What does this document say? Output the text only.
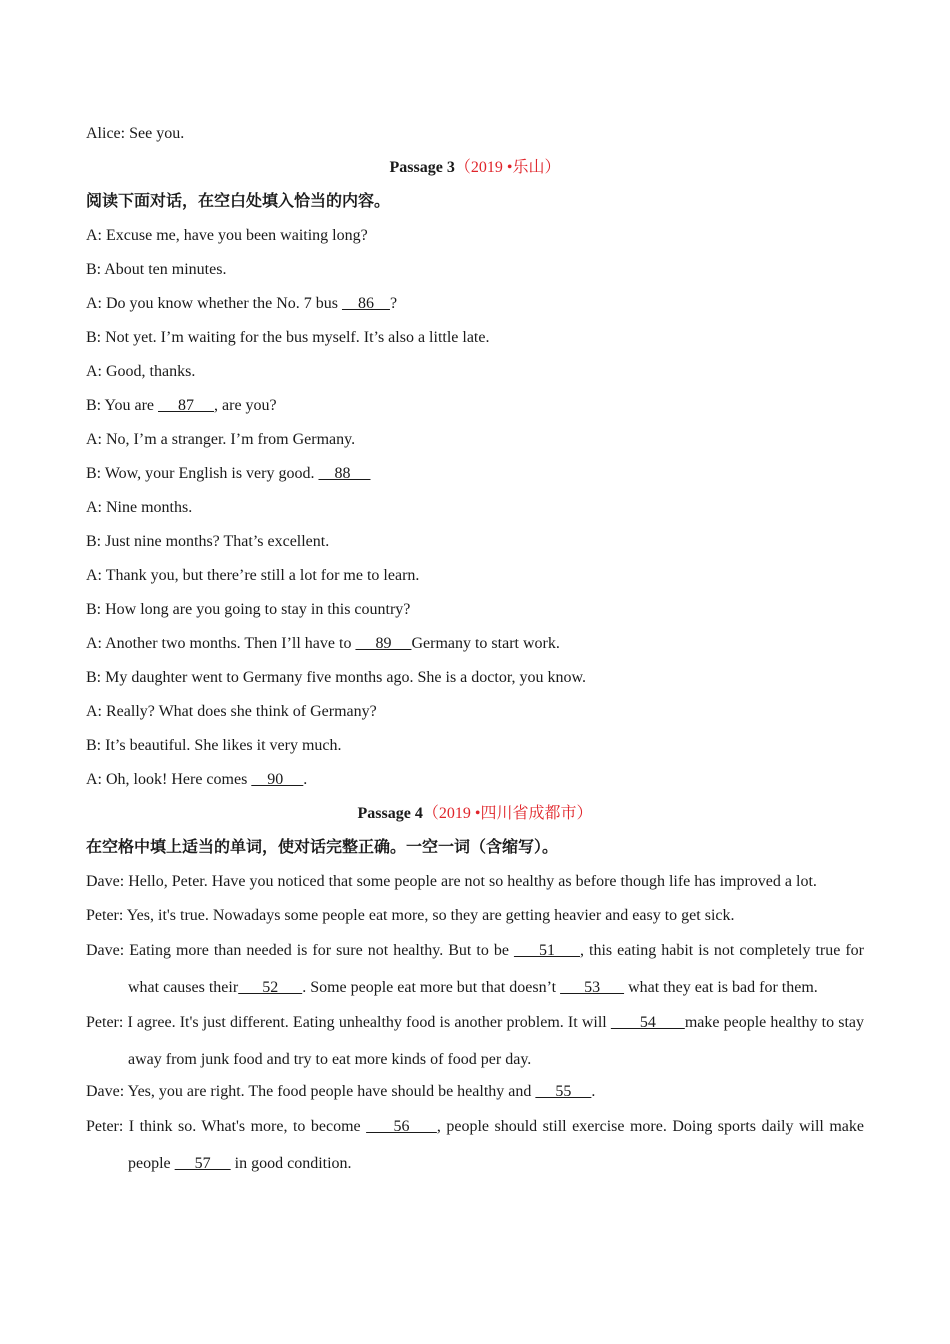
Alice: See you.
Passage 3（2019 •乐山）
阅读下面对话，在空白处填入恰当的内容。
A: Excuse me, have you been waiting long?
B: About ten minutes.
A: Do you know whether the No. 7 bus     86    ?
B: Not yet. I’m waiting for the bus myself. It’s also a little late.
A: Good, thanks.
B: You are      87     , are you?
A: No, I’m a stranger. I’m from Germany.
B: Wow, your English is very good.     88
A: Nine months.
B: Just nine months? That’s excellent.
A: Thank you, but there’re still a lot for me to learn.
B: How long are you going to stay in this country?
A: Another two months. Then I’ll have to      89     Germany to start work.
B: My daughter went to Germany five months ago. She is a doctor, you know.
A: Really? What does she think of Germany?
B: It’s beautiful. She likes it very much.
A: Oh, look! Here comes     90     .
Passage 4（2019 •四川省成都市）
在空格中填上适当的单词，使对话完整正确。一空一词（含缩写）。
Dave: Hello, Peter. Have you noticed that some people are not so healthy as before though life has improved a lot.
Peter: Yes, it's true. Nowadays some people eat more, so they are getting heavier and easy to get sick.
Dave: Eating more than needed is for sure not healthy. But to be      51     , this eating habit is not completely true for what causes their      52      . Some people eat more but that doesn’t       53       what they eat is bad for them.
Peter: I agree. It's just different. Eating unhealthy food is another problem. It will        54       make people healthy to stay away from junk food and try to eat more kinds of food per day.
Dave: Yes, you are right. The food people have should be healthy and      55     .
Peter: I think so. What's more, to become      56     , people should still exercise more. Doing sports daily will make people      57      in good condition.
